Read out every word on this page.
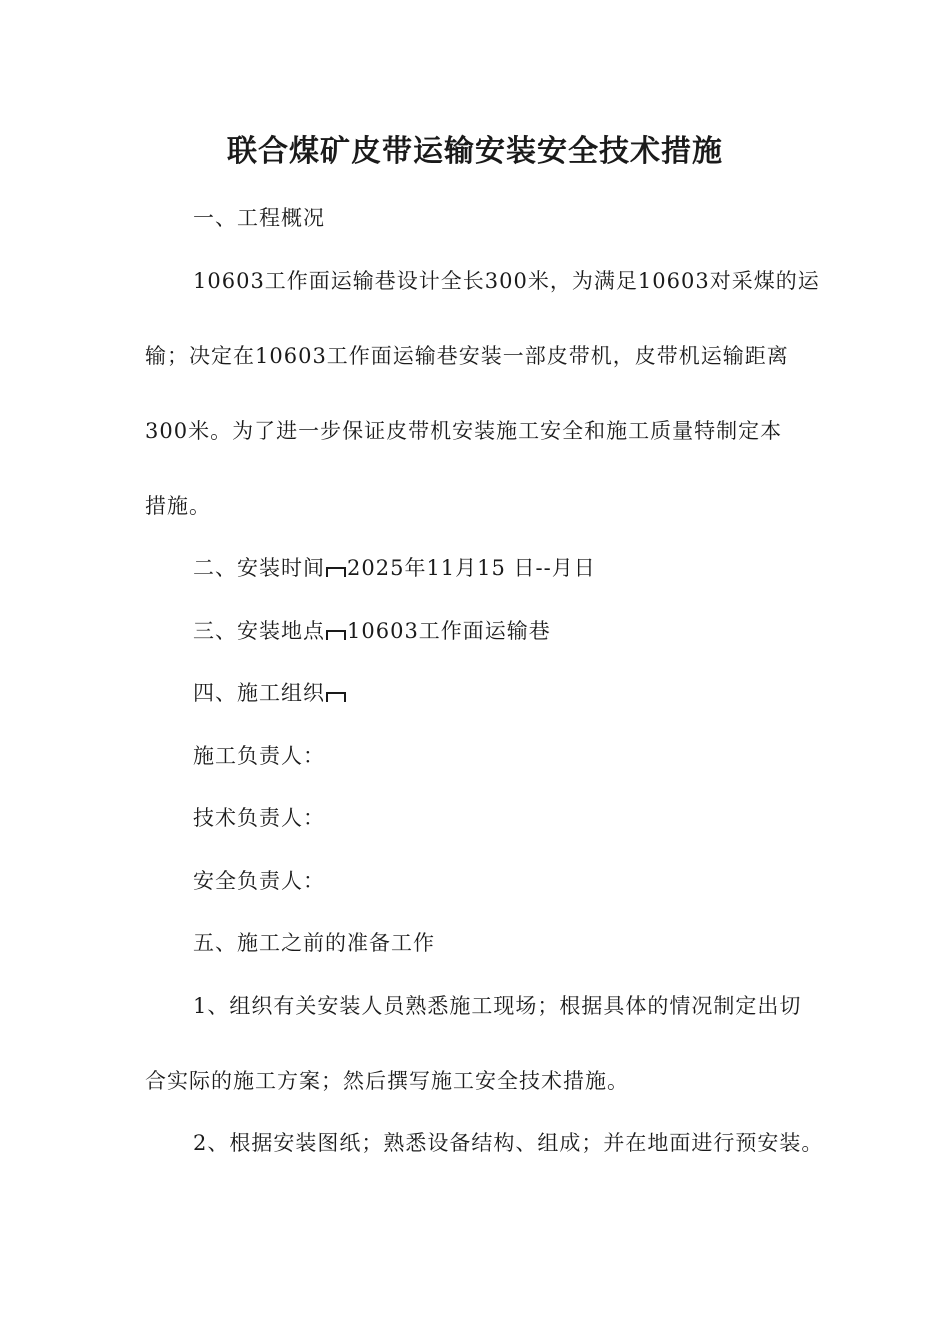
联合煤矿皮带运输安装安全技术措施

一、工程概况

10603工作面运输巷设计全长300米，为满足10603对采煤的运

输；决定在10603工作面运输巷安装一部皮带机，皮带机运输距离

300米。为了进一步保证皮带机安装施工安全和施工质量特制定本

措施。

二、安装时间 2025年11月15 日--月日

三、安装地点 10603工作面运输巷

四、施工组织

施工负责人：

技术负责人：

安全负责人：

五、施工之前的准备工作

1、组织有关安装人员熟悉施工现场；根据具体的情况制定出切

合实际的施工方案；然后撰写施工安全技术措施。

2、根据安装图纸；熟悉设备结构、组成；并在地面进行预安装。
